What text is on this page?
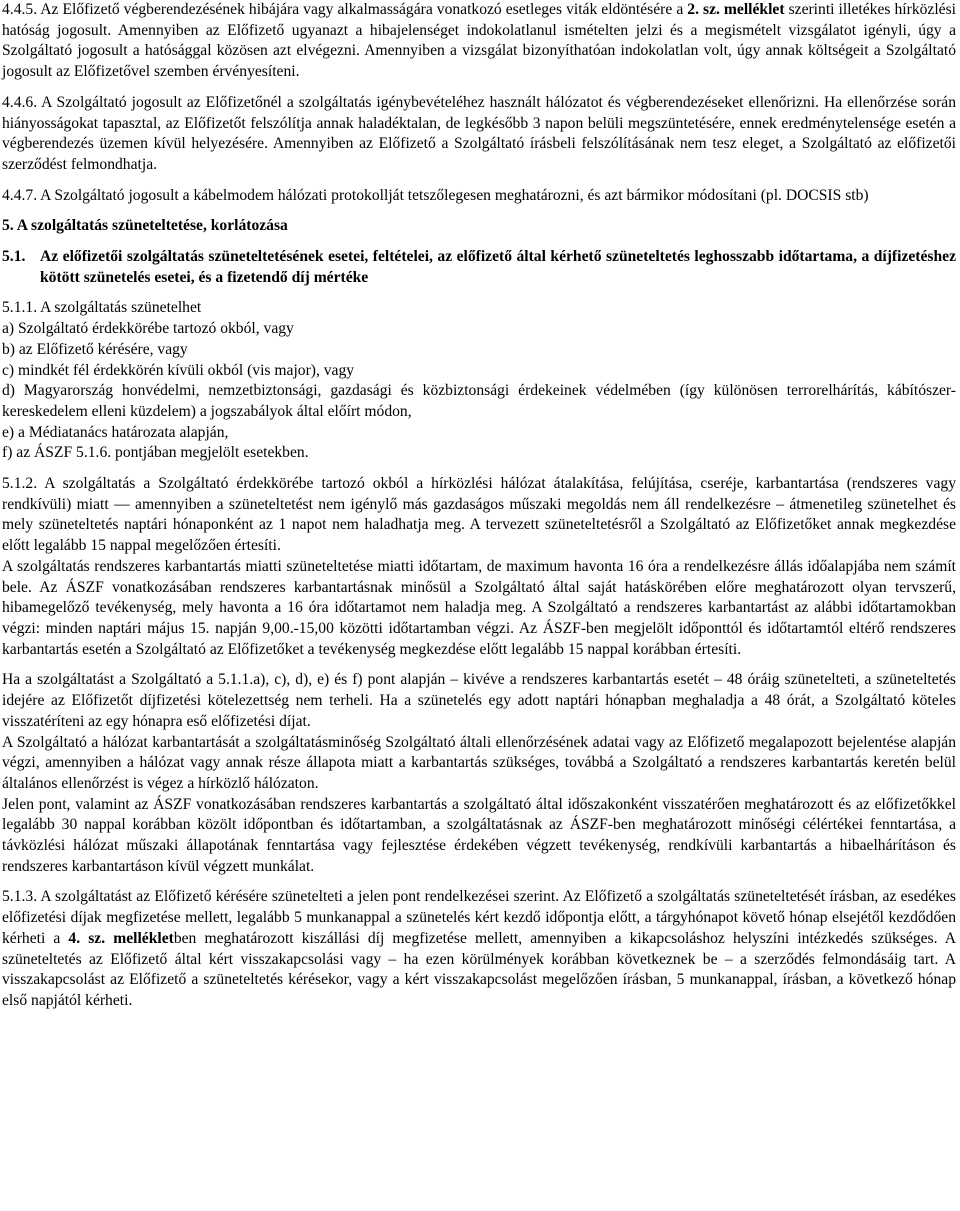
4.4.5. Az Előfizető végberendezésének hibájára vagy alkalmasságára vonatkozó esetleges viták eldöntésére a 2. sz. melléklet szerinti illetékes hírközlési hatóság jogosult. Amennyiben az Előfizető ugyanazt a hibajelenséget indokolatlanul ismételten jelzi és a megismételt vizsgálatot igényli, úgy a Szolgáltató jogosult a hatósággal közösen azt elvégezni. Amennyiben a vizsgálat bizonyíthatóan indokolatlan volt, úgy annak költségeit a Szolgáltató jogosult az Előfizetővel szemben érvényesíteni.

4.4.6. A Szolgáltató jogosult az Előfizetőnél a szolgáltatás igénybevételéhez használt hálózatot és végberendezéseket ellenőrizni. Ha ellenőrzése során hiányosságokat tapasztal, az Előfizetőt felszólítja annak haladéktalan, de legkésőbb 3 napon belüli megszüntetésére, ennek eredménytelensége esetén a végberendezés üzemen kívül helyezésére. Amennyiben az Előfizető a Szolgáltató írásbeli felszólításának nem tesz eleget, a Szolgáltató az előfizetői szerződést felmondhatja.

4.4.7. A Szolgáltató jogosult a kábelmodem hálózati protokollját tetszőlegesen meghatározni, és azt bármikor módosítani (pl. DOCSIS stb)

5. A szolgáltatás szüneteltetése, korlátozása

5.1. Az előfizetői szolgáltatás szüneteltetésének esetei, feltételei, az előfizető által kérhető szüneteltetés leghosszabb időtartama, a díjfizetéshez kötött szünetelés esetei, és a fizetendő díj mértéke

5.1.1. A szolgáltatás szünetelhet

a) Szolgáltató érdekkörébe tartozó okból, vagy

b) az Előfizető kérésére, vagy

c) mindkét fél érdekkörén kívüli okból (vis major), vagy

d) Magyarország honvédelmi, nemzetbiztonsági, gazdasági és közbiztonsági érdekeinek védelmében (így különösen terrorelhárítás, kábítószer-kereskedelem elleni küzdelem) a jogszabályok által előírt módon,

e) a Médiatanács határozata alapján,

f) az ÁSZF 5.1.6. pontjában megjelölt esetekben.

5.1.2. A szolgáltatás a Szolgáltató érdekkörébe tartozó okból a hírközlési hálózat átalakítása, felújítása, cseréje, karbantartása (rendszeres vagy rendkívüli) miatt — amennyiben a szüneteltetést nem igénylő más gazdaságos műszaki megoldás nem áll rendelkezésre – átmenetileg szünetelhet és mely szüneteltetés naptári hónaponként az 1 napot nem haladhatja meg. A tervezett szüneteltetésről a Szolgáltató az Előfizetőket annak megkezdése előtt legalább 15 nappal megelőzően értesíti.

A szolgáltatás rendszeres karbantartás miatti szüneteltetése miatti időtartam, de maximum havonta 16 óra a rendelkezésre állás időalapjába nem számít bele. Az ÁSZF vonatkozásában rendszeres karbantartásnak minősül a Szolgáltató által saját hatáskörében előre meghatározott olyan tervszerű, hibamegelőző tevékenység, mely havonta a 16 óra időtartamot nem haladja meg. A Szolgáltató a rendszeres karbantartást az alábbi időtartamokban végzi: minden naptári május 15. napján 9,00.-15,00 közötti időtartamban végzi. Az ÁSZF-ben megjelölt időponttól és időtartamtól eltérő rendszeres karbantartás esetén a Szolgáltató az Előfizetőket a tevékenység megkezdése előtt legalább 15 nappal korábban értesíti.

Ha a szolgáltatást a Szolgáltató a 5.1.1.a), c), d), e) és f) pont alapján – kivéve a rendszeres karbantartás esetét – 48 óráig szünetelteti, a szüneteltetés idejére az Előfizetőt díjfizetési kötelezettség nem terheli. Ha a szünetelés egy adott naptári hónapban meghaladja a 48 órát, a Szolgáltató köteles visszatéríteni az egy hónapra eső előfizetési díjat.

A Szolgáltató a hálózat karbantartását a szolgáltatásminőség Szolgáltató általi ellenőrzésének adatai vagy az Előfizető megalapozott bejelentése alapján végzi, amennyiben a hálózat vagy annak része állapota miatt a karbantartás szükséges, továbbá a Szolgáltató a rendszeres karbantartás keretén belül általános ellenőrzést is végez a hírközlő hálózaton.

Jelen pont, valamint az ÁSZF vonatkozásában rendszeres karbantartás a szolgáltató által időszakonként visszatérően meghatározott és az előfizetőkkel legalább 30 nappal korábban közölt időpontban és időtartamban, a szolgáltatásnak az ÁSZF-ben meghatározott minőségi célértékei fenntartása, a távközlési hálózat műszaki állapotának fenntartása vagy fejlesztése érdekében végzett tevékenység, rendkívüli karbantartás a hibaelhárításon és rendszeres karbantartáson kívül végzett munkálat.

5.1.3. A szolgáltatást az Előfizető kérésére szünetelteti a jelen pont rendelkezései szerint. Az Előfizető a szolgáltatás szüneteltetését írásban, az esedékes előfizetési díjak megfizetése mellett, legalább 5 munkanappal a szünetelés kért kezdő időpontja előtt, a tárgyhónapot követő hónap elsejétől kezdődően kérheti a 4. sz. mellékletben meghatározott kiszállási díj megfizetése mellett, amennyiben a kikapcsoláshoz helyszíni intézkedés szükséges. A szüneteltetés az Előfizető által kért visszakapcsolási vagy – ha ezen körülmények korábban következnek be – a szerződés felmondásáig tart. A visszakapcsolást az Előfizető a szüneteltetés kérésekor, vagy a kért visszakapcsolást megelőzően írásban, 5 munkanappal, írásban, a következő hónap első napjától kérheti.
